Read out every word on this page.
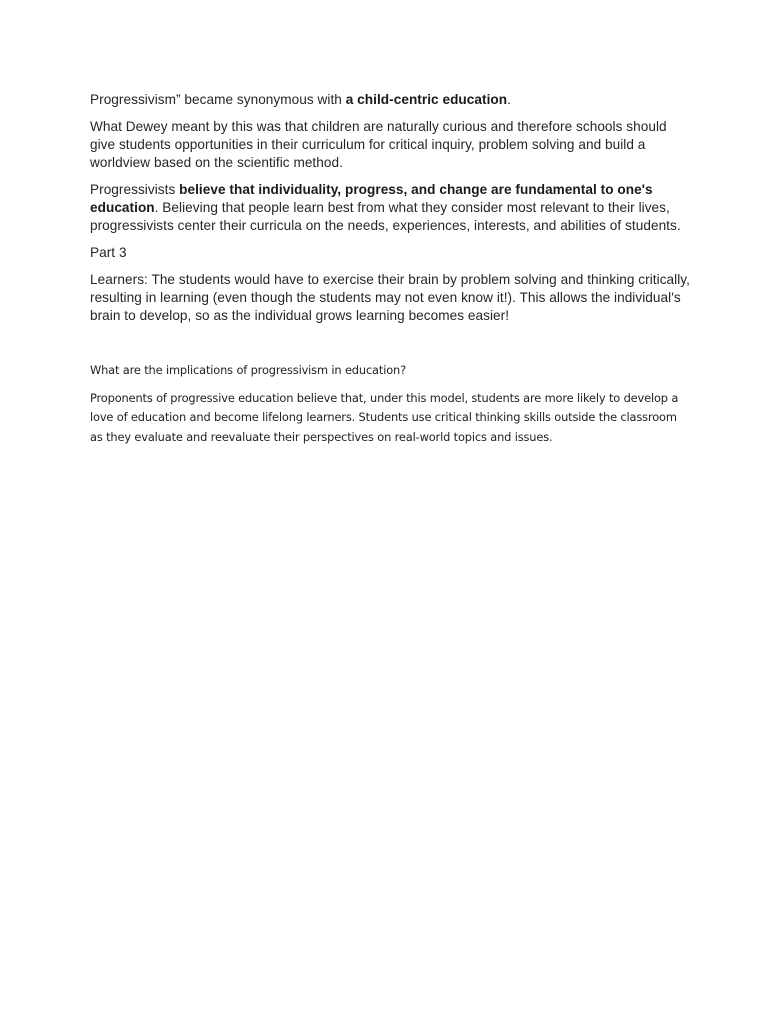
Progressivism” became synonymous with a child-centric education.

What Dewey meant by this was that children are naturally curious and therefore schools should give students opportunities in their curriculum for critical inquiry, problem solving and build a worldview based on the scientific method.

Progressivists believe that individuality, progress, and change are fundamental to one's education. Believing that people learn best from what they consider most relevant to their lives, progressivists center their curricula on the needs, experiences, interests, and abilities of students.

Part 3

Learners: The students would have to exercise their brain by problem solving and thinking critically, resulting in learning (even though the students may not even know it!). This allows the individual's brain to develop, so as the individual grows learning becomes easier!

What are the implications of progressivism in education?

Proponents of progressive education believe that, under this model, students are more likely to develop a love of education and become lifelong learners. Students use critical thinking skills outside the classroom as they evaluate and reevaluate their perspectives on real-world topics and issues.
